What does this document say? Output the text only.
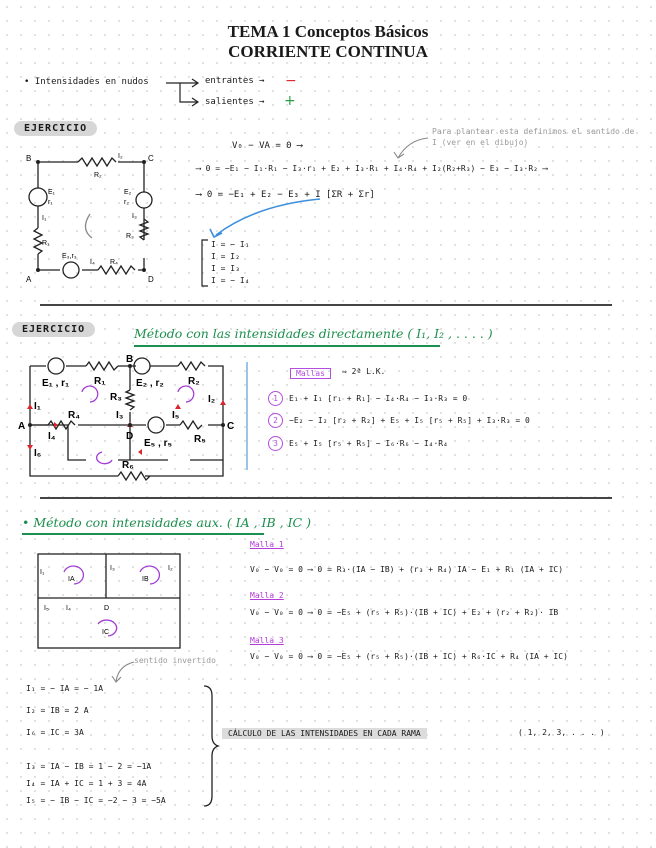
TEMA 1 Conceptos Básicos
CORRIENTE CONTINUA
• Intensidades en nudos	entrantes → −
salientes → +
EJERCICIO
B	C
A	D
E₁
r₁
E₂
r₂
R₂
R₁
R₃
R₄
I₁
I₂
I₃
I₄
E₃,r₃
V₀ − VA = 0 ⟶
Para plantear esta definimos el sentido de I (ver en el dibujo)
⟶ 0 = −E₁ − I₁·R₁ − I₃·r₁ + E₂ + I₃·R₁ + I₄·R₄ + I₂(R₂+R₃) − E₃ − I₃·R₂ ⟶
⟶ 0 = −E₁ + E₂ − E₃ + I [ΣR + Σr]
I = − I₁
I = I₂
I = I₃
I = − I₄
EJERCICIO	Método con las intensidades directamente ( I₁, I₂ , . . . . )
E₁ , r₁ R₁
B
E₂ , r₂ R₂
R₃
I₁
I₃	I₅
I₂
A
R₄
D
E₅ , r₅
C
I₄	R₅
I₆
R₆
Mallas	⇒ 2ª L.K.
1 E₁ + I₁ [r₁ + R₁] − I₄·R₄ − I₃·R₃ = 0
2 −E₂ − I₂ [r₂ + R₂] + E₅ + I₅ [r₅ + R₅] + I₃·R₃ = 0
3 E₅ + I₅ [r₅ + R₅] − I₆·R₆ − I₄·R₄
• Método con intensidades aux. ( IA , IB , IC )
I₁
IA
I₃
IB
I₂
I₅ I₄	D
IC
Malla 1
V₀ − V₀ = 0 ⟶ 0 = R₃·(IA − IB) + (r₃ + R₄) IA − E₁ + R₁ (IA + IC)
Malla 2
V₀ − V₀ = 0 ⟶ 0 = −E₅ + (r₅ + R₅)·(IB + IC) + E₂ + (r₂ + R₂)· IB
Malla 3
V₀ − V₀ = 0 ⟶ 0 = −E₅ + (r₅ + R₅)·(IB + IC) + R₆·IC + R₄ (IA + IC)
sentido invertido
I₁ = − IA = − 1A
I₂ = IB = 2 A
I₆ = IC = 3A
I₃ = IA − IB = 1 − 2 = −1A
I₄ = IA + IC = 1 + 3 = 4A
I₅ = − IB − IC = −2 − 3 = −5A
CÁLCULO DE LAS INTENSIDADES EN CADA RAMA	( 1, 2, 3, . . . )
